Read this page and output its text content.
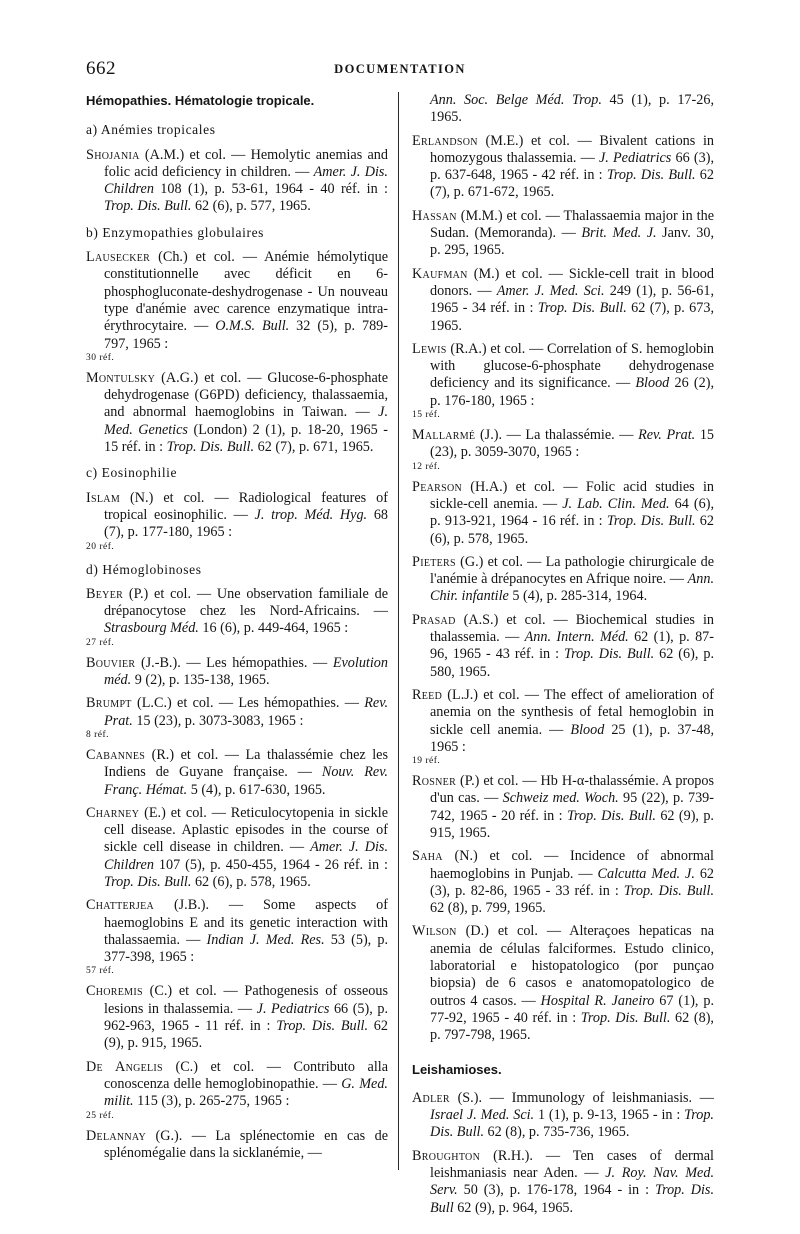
662	DOCUMENTATION
Hémopathies. Hématologie tropicale.
a) Anémies tropicales

Shojania (A.M.) et col. — Hemolytic anemias and folic acid deficiency in children. — Amer. J. Dis. Children 108 (1), p. 53-61, 1964 - 40 réf. in : Trop. Dis. Bull. 62 (6), p. 577, 1965.

b) Enzymopathies globulaires

Lausecker (Ch.) et col. — Anémie hémolytique constitutionnelle avec déficit en 6-phosphogluconate-deshydrogenase - Un nouveau type d'anémie avec carence enzymatique intra-érythrocytaire. — O.M.S. Bull. 32 (5), p. 789-797, 1965 :
30 réf.

Montulsky (A.G.) et col. — Glucose-6-phosphate dehydrogenase (G6PD) deficiency, thalassaemia, and abnormal haemoglobins in Taiwan. — J. Med. Genetics (London) 2 (1), p. 18-20, 1965 - 15 réf. in : Trop. Dis. Bull. 62 (7), p. 671, 1965.

c) Eosinophilie

Islam (N.) et col. — Radiological features of tropical eosinophilic. — J. trop. Méd. Hyg. 68 (7), p. 177-180, 1965 :
20 réf.

d) Hémoglobinoses

Beyer (P.) et col. — Une observation familiale de drépanocytose chez les Nord-Africains. — Strasbourg Méd. 16 (6), p. 449-464, 1965 :
27 réf.

Bouvier (J.-B.). — Les hémopathies. — Evolution méd. 9 (2), p. 135-138, 1965.

Brumpt (L.C.) et col. — Les hémopathies. — Rev. Prat. 15 (23), p. 3073-3083, 1965 :
8 réf.

Cabannes (R.) et col. — La thalassémie chez les Indiens de Guyane française. — Nouv. Rev. Franç. Hémat. 5 (4), p. 617-630, 1965.

Charney (E.) et col. — Reticulocytopenia in sickle cell disease. Aplastic episodes in the course of sickle cell disease in children. — Amer. J. Dis. Children 107 (5), p. 450-455, 1964 - 26 réf. in : Trop. Dis. Bull. 62 (6), p. 578, 1965.

Chatterjea (J.B.). — Some aspects of haemoglobins E and its genetic interaction with thalassaemia. — Indian J. Med. Res. 53 (5), p. 377-398, 1965 :
57 réf.

Choremis (C.) et col. — Pathogenesis of osseous lesions in thalassemia. — J. Pediatrics 66 (5), p. 962-963, 1965 - 11 réf. in : Trop. Dis. Bull. 62 (9), p. 915, 1965.

De Angelis (C.) et col. — Contributo alla conoscenza delle hemoglobinopathie. — G. Med. milit. 115 (3), p. 265-275, 1965 :
25 réf.

Delannay (G.). — La splénectomie en cas de splénomégalie dans la sicklanémie, —

Ann. Soc. Belge Méd. Trop. 45 (1), p. 17-26, 1965.

Erlandson (M.E.) et col. — Bivalent cations in homozygous thalassemia. — J. Pediatrics 66 (3), p. 637-648, 1965 - 42 réf. in : Trop. Dis. Bull. 62 (7), p. 671-672, 1965.

Hassan (M.M.) et col. — Thalassaemia major in the Sudan. (Memoranda). — Brit. Med. J. Janv. 30, p. 295, 1965.

Kaufman (M.) et col. — Sickle-cell trait in blood donors. — Amer. J. Med. Sci. 249 (1), p. 56-61, 1965 - 34 réf. in : Trop. Dis. Bull. 62 (7), p. 673, 1965.

Lewis (R.A.) et col. — Correlation of S. hemoglobin with glucose-6-phosphate dehydrogenase deficiency and its significance. — Blood 26 (2), p. 176-180, 1965 :
15 réf.

Mallarmé (J.). — La thalassémie. — Rev. Prat. 15 (23), p. 3059-3070, 1965 :
12 réf.

Pearson (H.A.) et col. — Folic acid studies in sickle-cell anemia. — J. Lab. Clin. Med. 64 (6), p. 913-921, 1964 - 16 réf. in : Trop. Dis. Bull. 62 (6), p. 578, 1965.

Pieters (G.) et col. — La pathologie chirurgicale de l'anémie à drépanocytes en Afrique noire. — Ann. Chir. infantile 5 (4), p. 285-314, 1964.

Prasad (A.S.) et col. — Biochemical studies in thalassemia. — Ann. Intern. Méd. 62 (1), p. 87-96, 1965 - 43 réf. in : Trop. Dis. Bull. 62 (6), p. 580, 1965.

Reed (L.J.) et col. — The effect of amelioration of anemia on the synthesis of fetal hemoglobin in sickle cell anemia. — Blood 25 (1), p. 37-48, 1965 :
19 réf.

Rosner (P.) et col. — Hb H-α-thalassémie. A propos d'un cas. — Schweiz med. Woch. 95 (22), p. 739-742, 1965 - 20 réf. in : Trop. Dis. Bull. 62 (9), p. 915, 1965.

Saha (N.) et col. — Incidence of abnormal haemoglobins in Punjab. — Calcutta Med. J. 62 (3), p. 82-86, 1965 - 33 réf. in : Trop. Dis. Bull. 62 (8), p. 799, 1965.

Wilson (D.) et col. — Alteraçoes hepaticas na anemia de células falciformes. Estudo clinico, laboratorial e histopatologico (por punçao biopsia) de 6 casos e anatomopatologico de outros 4 casos. — Hospital R. Janeiro 67 (1), p. 77-92, 1965 - 40 réf. in : Trop. Dis. Bull. 62 (8), p. 797-798, 1965.

Leishamioses.

Adler (S.). — Immunology of leishmaniasis. — Israel J. Med. Sci. 1 (1), p. 9-13, 1965 - in : Trop. Dis. Bull. 62 (8), p. 735-736, 1965.

Broughton (R.H.). — Ten cases of dermal leishmaniasis near Aden. — J. Roy. Nav. Med. Serv. 50 (3), p. 176-178, 1964 - in : Trop. Dis. Bull 62 (9), p. 964, 1965.
